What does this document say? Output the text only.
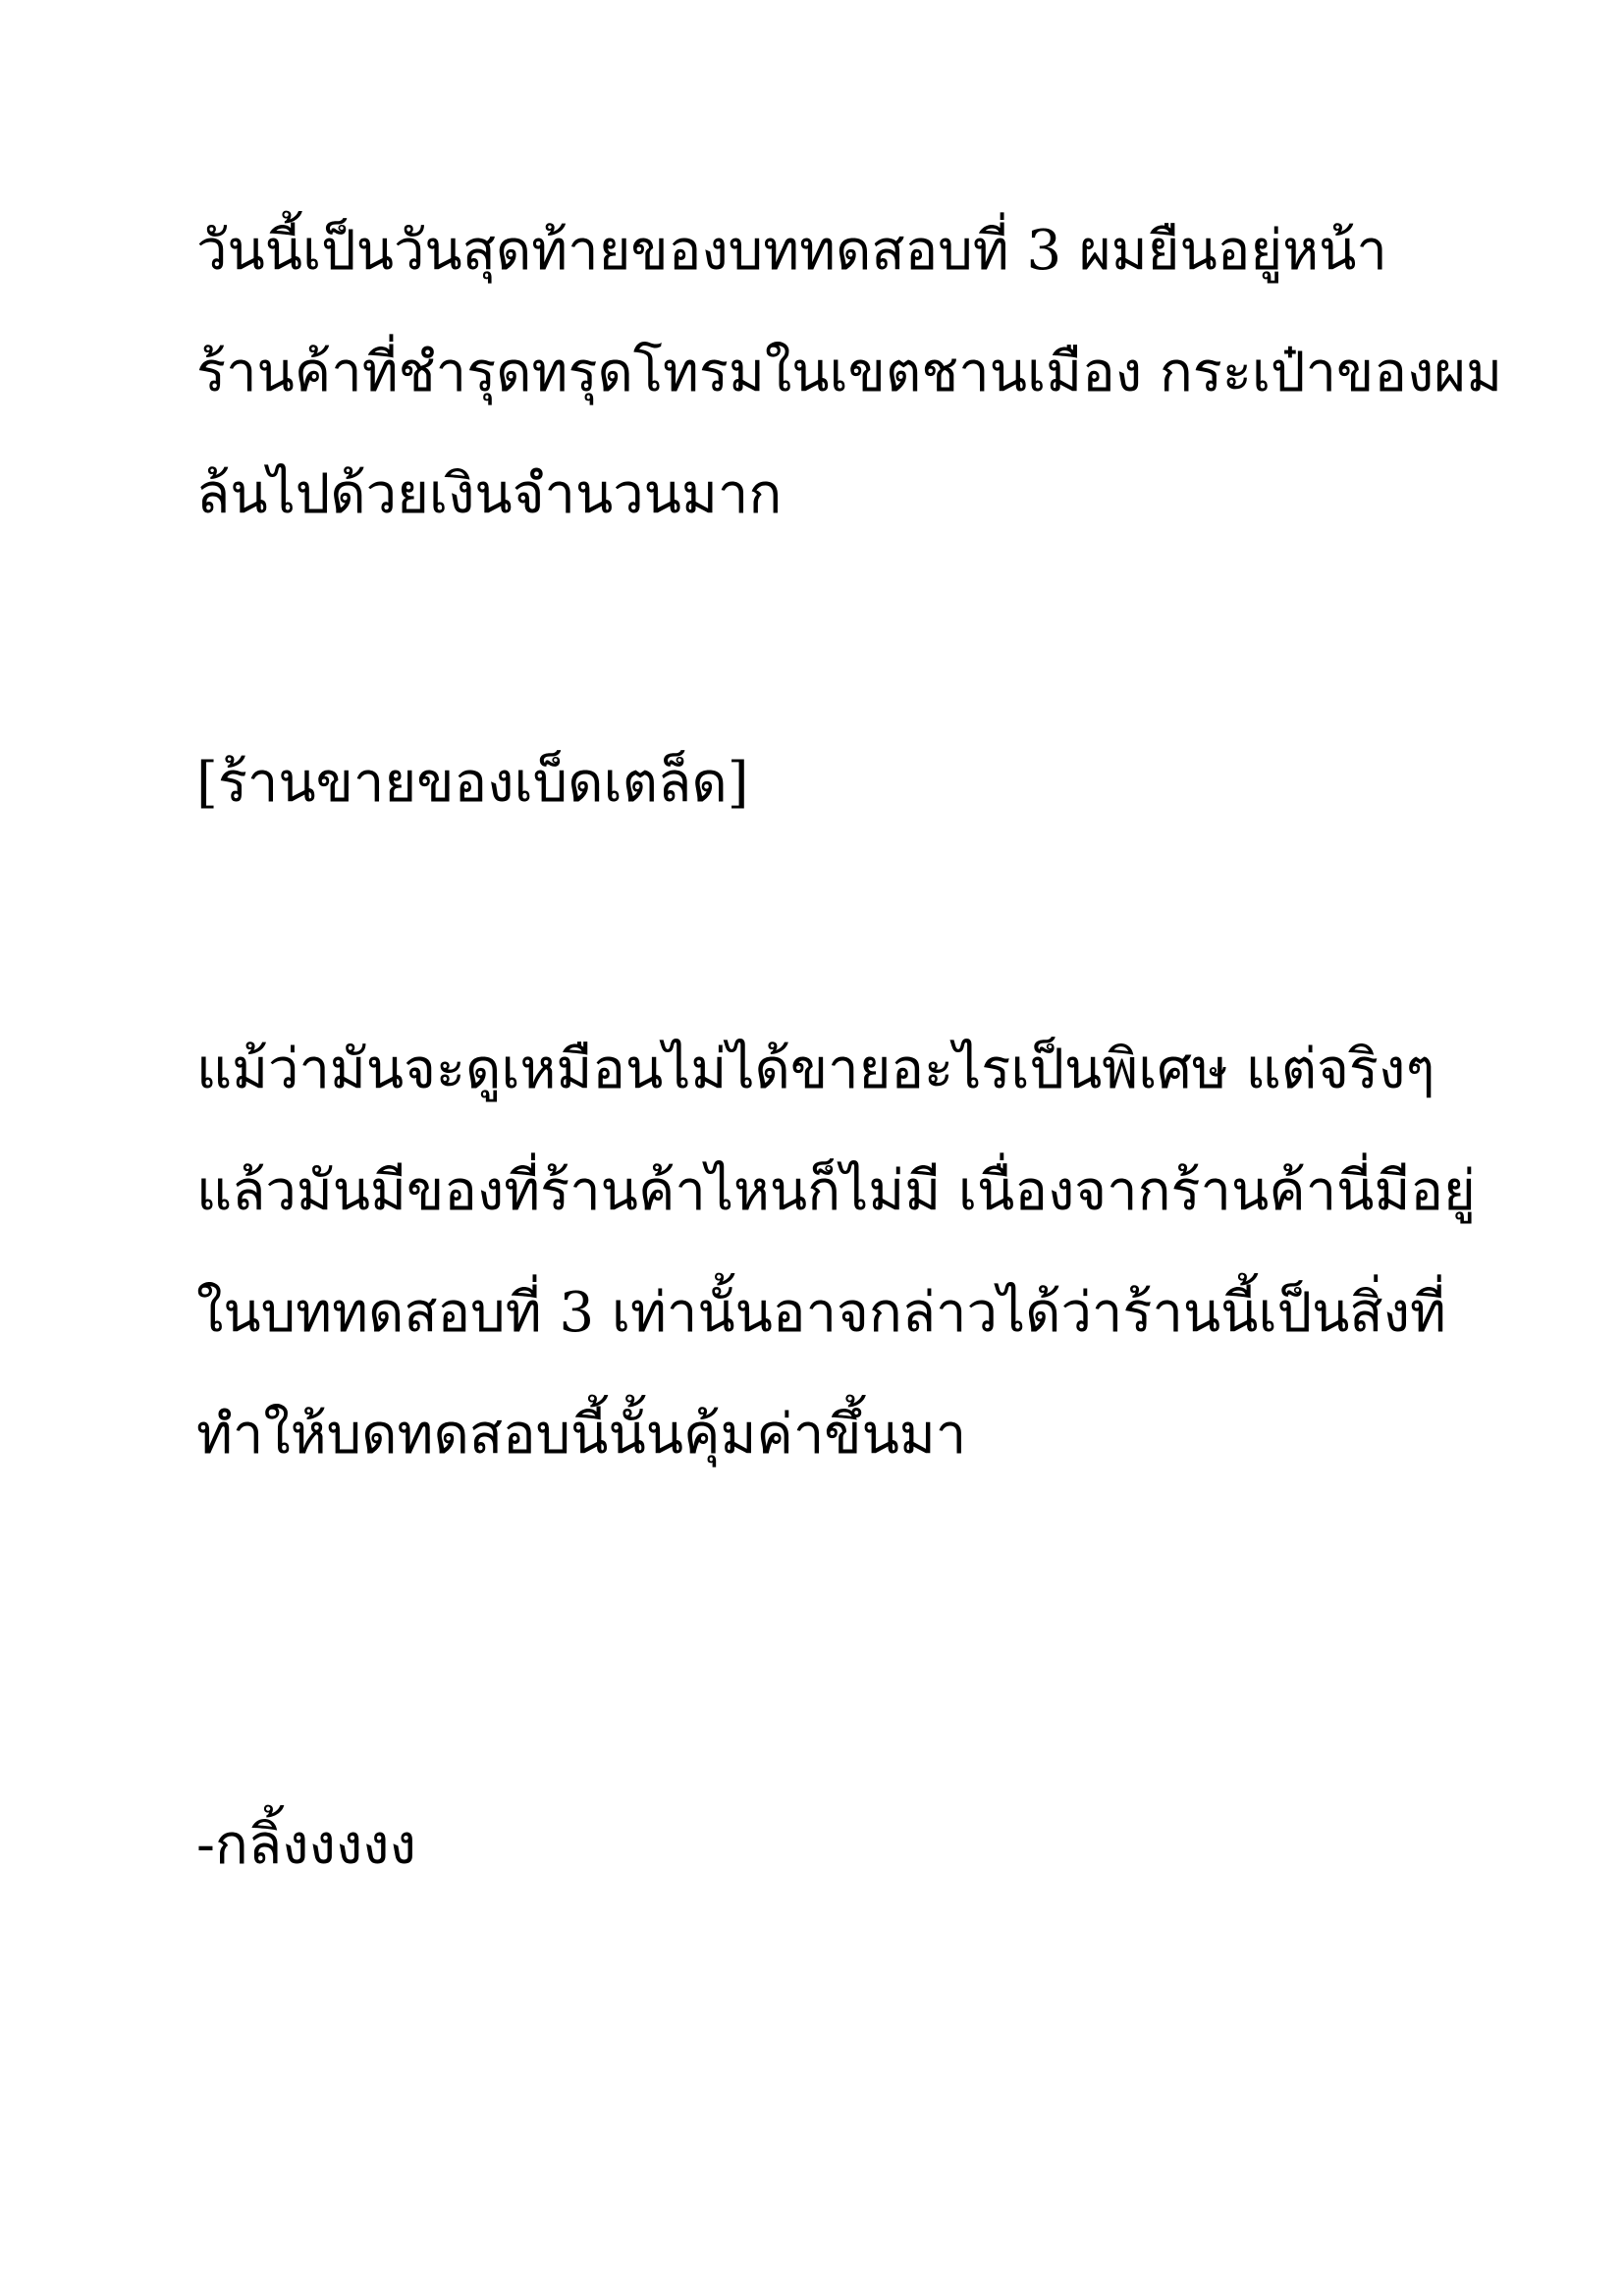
วันนี้เป็นวันสุดท้ายของบททดสอบที่ 3 ผมยืนอยู่หน้า

ร้านค้าที่ชำรุดทรุดโทรมในเขตชานเมือง กระเป๋าของผม

ล้นไปด้วยเงินจำนวนมาก

[ร้านขายของเบ็ดเตล็ด]

แม้ว่ามันจะดูเหมือนไม่ได้ขายอะไรเป็นพิเศษ แต่จริงๆ

แล้วมันมีของที่ร้านค้าไหนก็ไม่มี เนื่องจากร้านค้านี่มีอยู่

ในบททดสอบที่ 3 เท่านั้นอาจกล่าวได้ว่าร้านนี้เป็นสิ่งที่

ทำให้บดทดสอบนี้นั้นคุ้มค่าขึ้นมา

-กลิ้งงงงง
